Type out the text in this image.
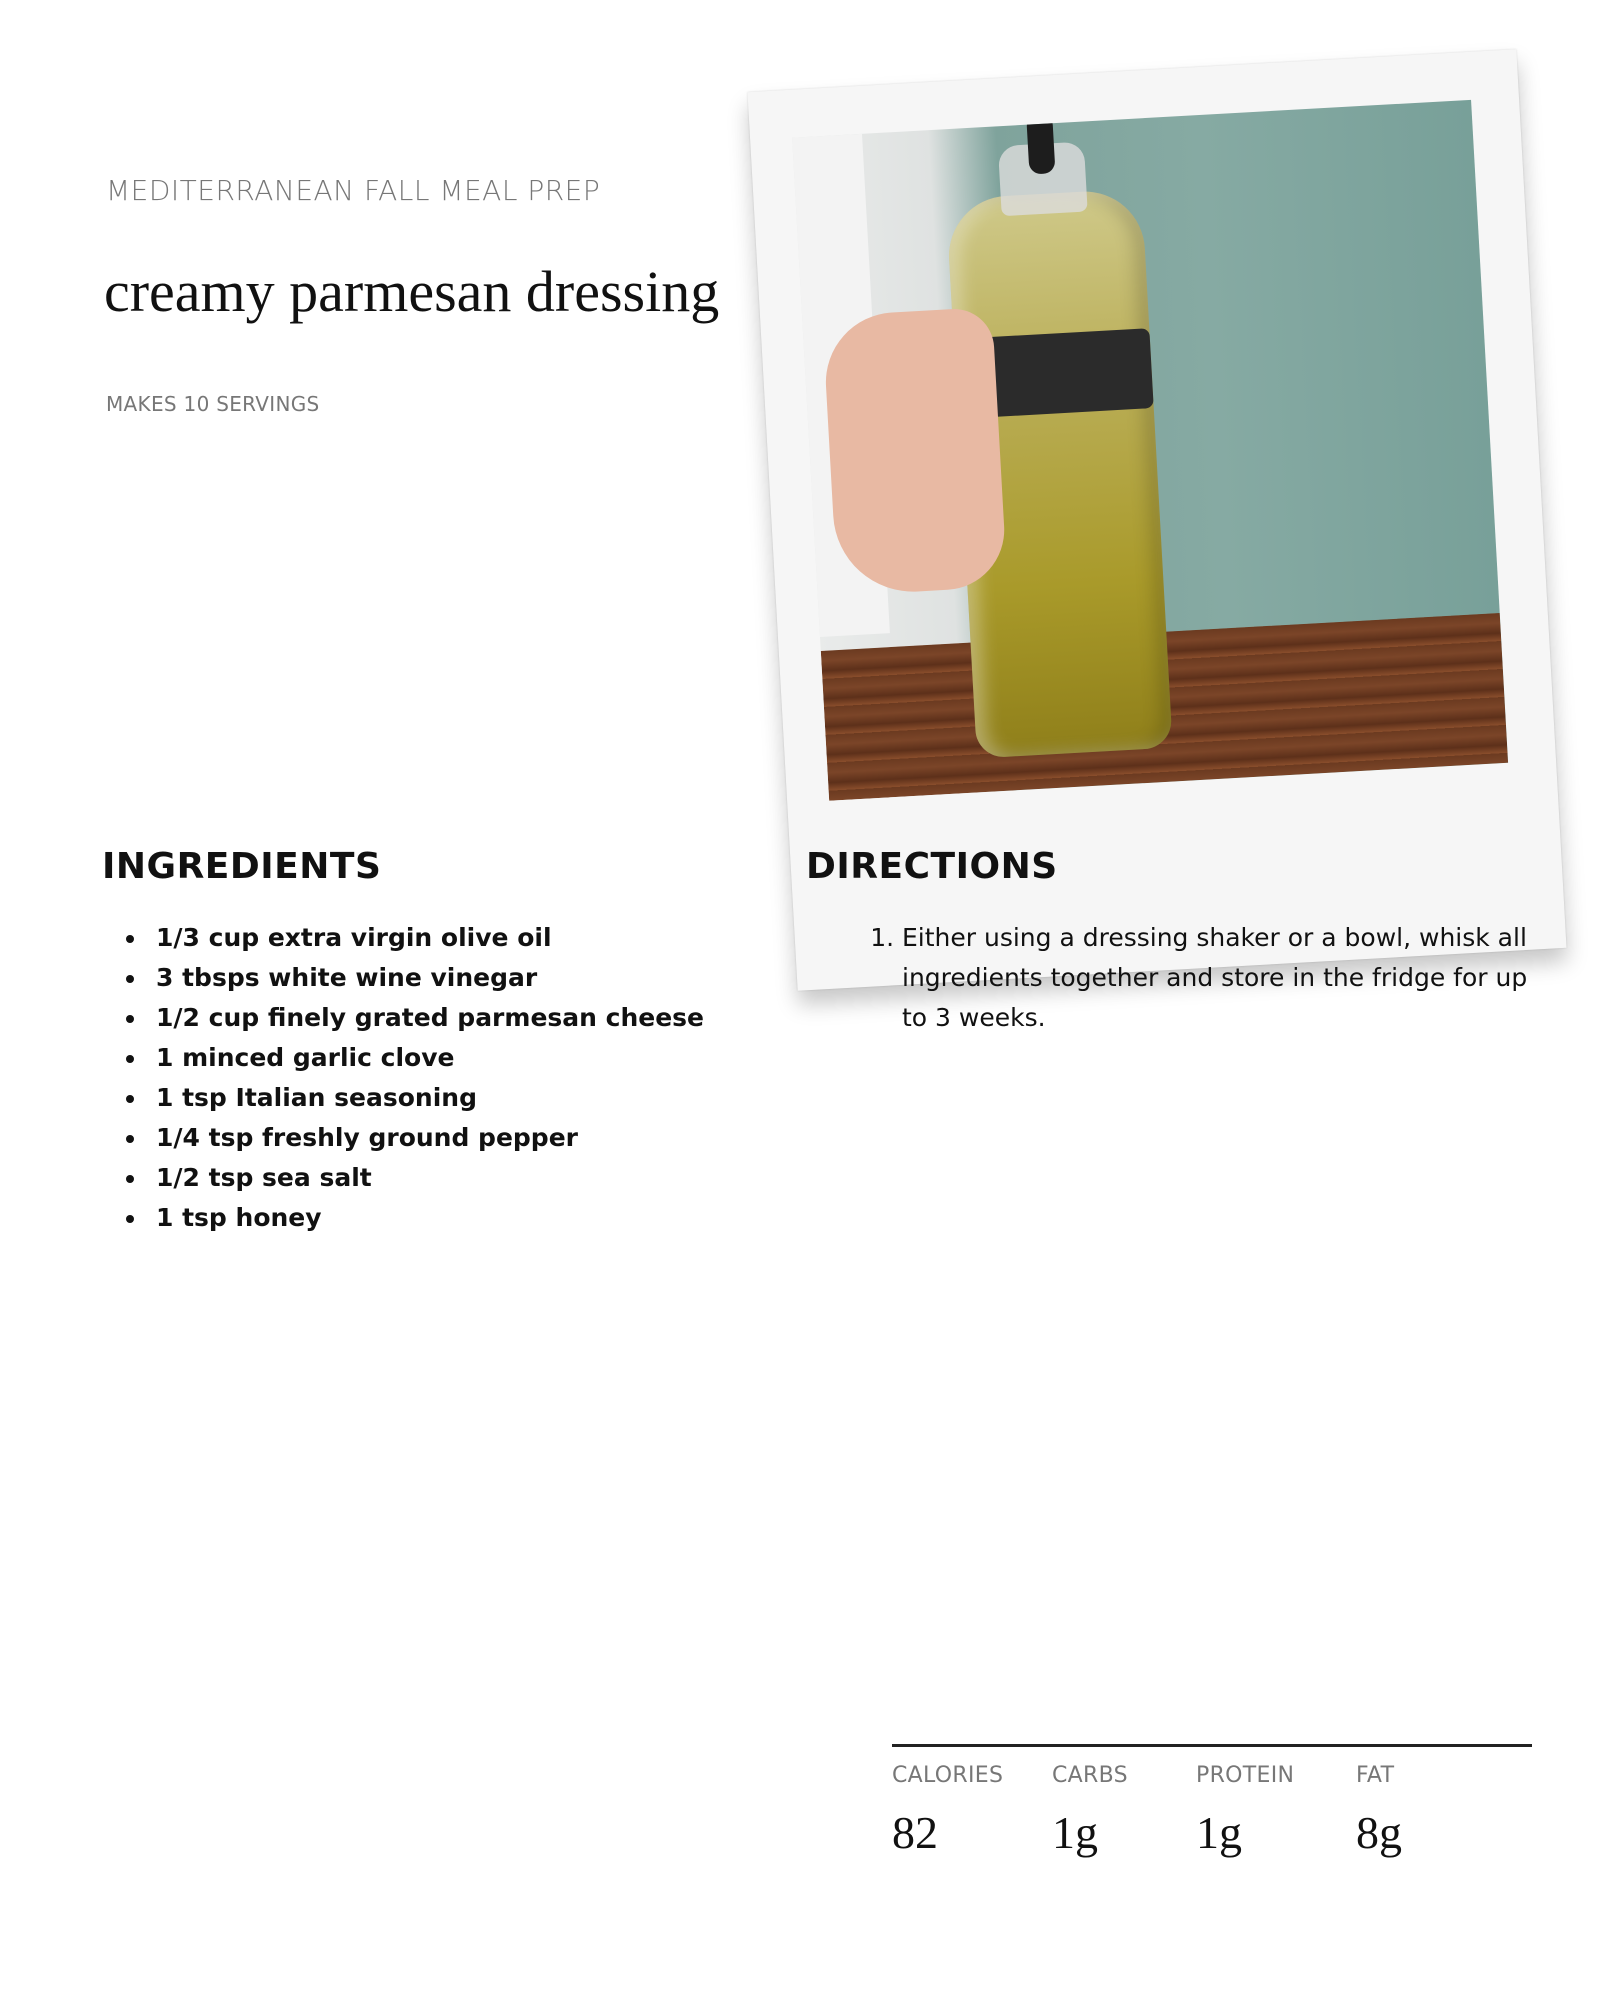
MEDITERRANEAN FALL MEAL PREP
creamy parmesan dressing
MAKES 10 SERVINGS
INGREDIENTS
• 1/3 cup extra virgin olive oil
• 3 tbsps white wine vinegar
• 1/2 cup finely grated parmesan cheese
• 1 minced garlic clove
• 1 tsp Italian seasoning
• 1/4 tsp freshly ground pepper
• 1/2 tsp sea salt
• 1 tsp honey
DIRECTIONS
1. Either using a dressing shaker or a bowl, whisk all ingredients together and store in the fridge for up to 3 weeks.
CALORIES
82
CARBS
1g
PROTEIN
1g
FAT
8g
